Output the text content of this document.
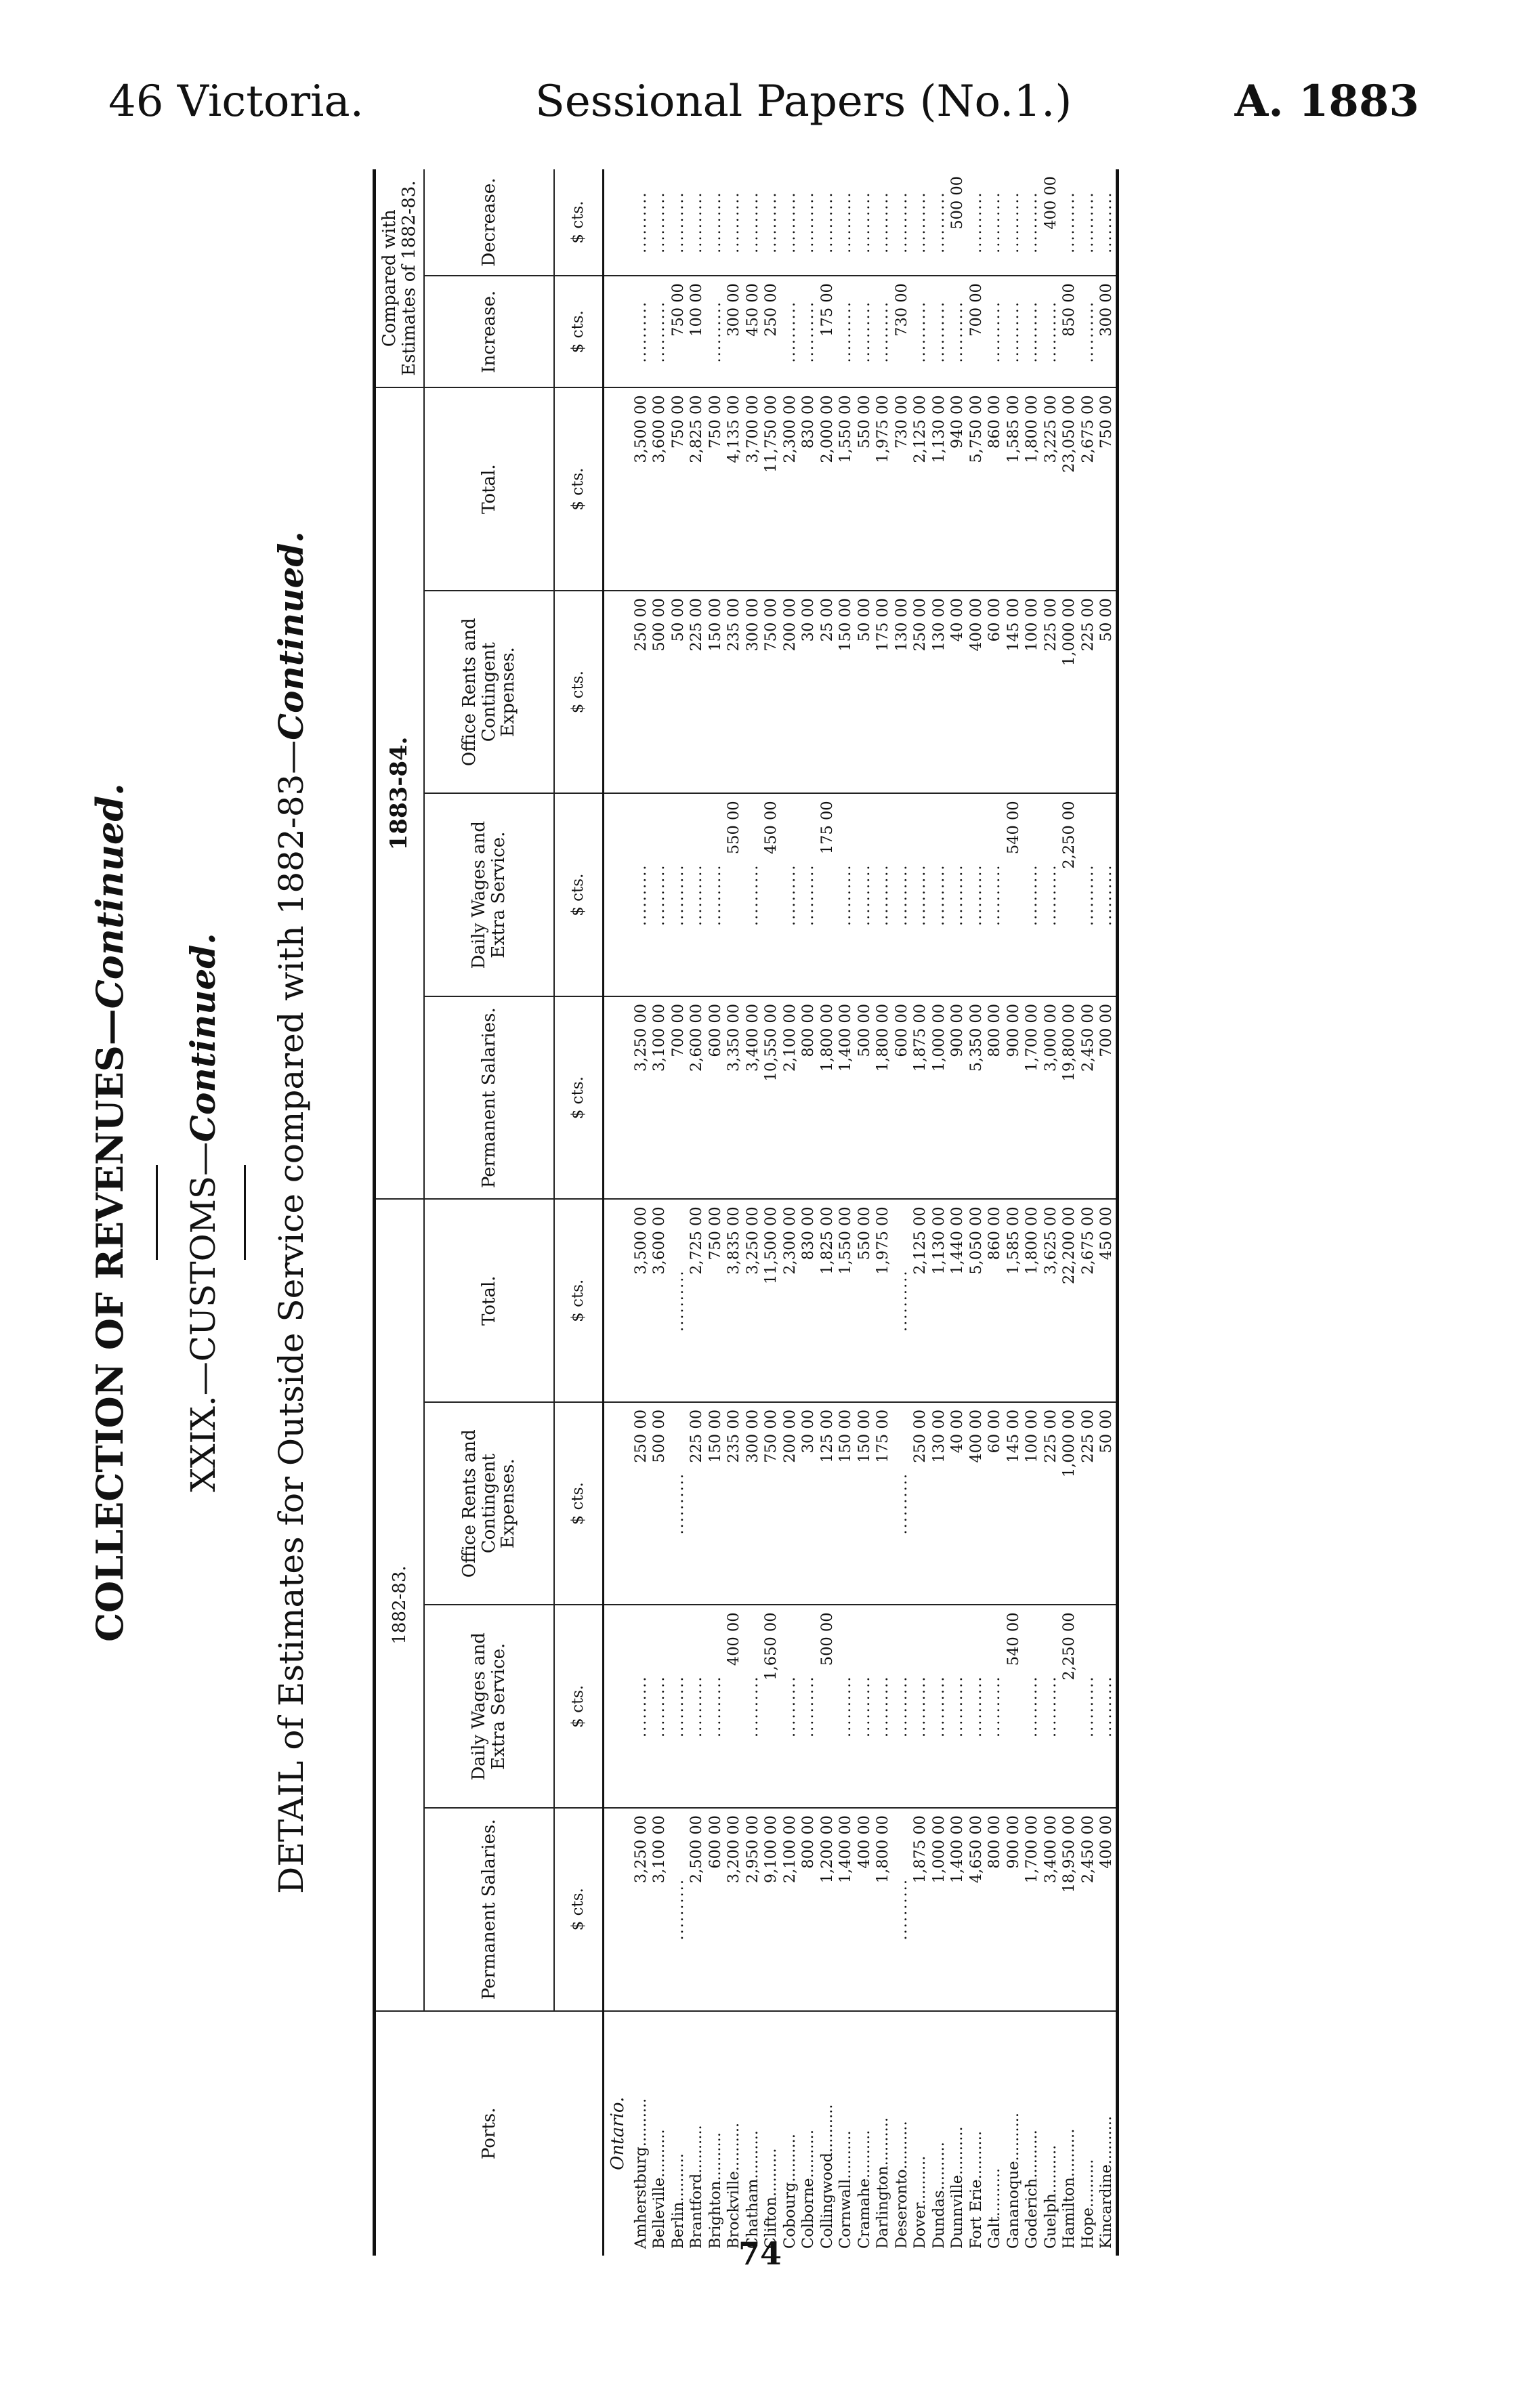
46 Victoria.	Sessional Papers (No.1.)	A. 1883
COLLECTION OF REVENUES—Continued.
XXIX.—CUSTOMS—Continued. DETAIL of Estimates for Outside Service compared with 1882-83—Continued.
Ports.	1882-83.				1883-84.				Compared with Estimates of 1882-83.	
	Permanent Salaries.	Daily Wages and Extra Service.	Office Rents and Contingent Expenses.	Total.	Permanent Salaries.	Daily Wages and Extra Service.	Office Rents and Contingent Expenses.	Total.	Increase.	Decrease.
	$ cts.	$ cts.	$ cts.	$ cts.	$ cts.	$ cts.	$ cts.	$ cts.	$ cts.	$ cts.
Ontario.										
Amherstburg..........	3,250 00	..........	250 00	3,500 00	3,250 00	..........	250 00	3,500 00	..........	..........
Belleville..........	3,100 00	..........	500 00	3,600 00	3,100 00	..........	500 00	3,600 00	..........	..........
Berlin..........	..........	..........	..........	..........	700 00	..........	50 00	750 00	750 00	..........
Brantford..........	2,500 00	..........	225 00	2,725 00	2,600 00	..........	225 00	2,825 00	100 00	..........
Brighton..........	600 00	..........	150 00	750 00	600 00	..........	150 00	750 00	..........	..........
Brockville..........	3,200 00	400 00	235 00	3,835 00	3,350 00	550 00	235 00	4,135 00	300 00	..........
Chatham..........	2,950 00	..........	300 00	3,250 00	3,400 00	..........	300 00	3,700 00	450 00	..........
Clifton..........	9,100 00	1,650 00	750 00	11,500 00	10,550 00	450 00	750 00	11,750 00	250 00	..........
Cobourg..........	2,100 00	..........	200 00	2,300 00	2,100 00	..........	200 00	2,300 00	..........	..........
Colborne..........	800 00	..........	30 00	830 00	800 00	..........	30 00	830 00	..........	..........
Collingwood..........	1,200 00	500 00	125 00	1,825 00	1,800 00	175 00	25 00	2,000 00	175 00	..........
Cornwall..........	1,400 00	..........	150 00	1,550 00	1,400 00	..........	150 00	1,550 00	..........	..........
Cramahe..........	400 00	..........	150 00	550 00	500 00	..........	50 00	550 00	..........	..........
Darlington..........	1,800 00	..........	175 00	1,975 00	1,800 00	..........	175 00	1,975 00	..........	..........
Deseronto..........	..........	..........	..........	..........	600 00	..........	130 00	730 00	730 00	..........
Dover..........	1,875 00	..........	250 00	2,125 00	1,875 00	..........	250 00	2,125 00	..........	..........
Dundas..........	1,000 00	..........	130 00	1,130 00	1,000 00	..........	130 00	1,130 00	..........	..........
Dunnville..........	1,400 00	..........	40 00	1,440 00	900 00	..........	40 00	940 00	..........	500 00
Fort Erie..........	4,650 00	..........	400 00	5,050 00	5,350 00	..........	400 00	5,750 00	700 00	..........
Galt..........	800 00	..........	60 00	860 00	800 00	..........	60 00	860 00	..........	..........
Gananoque..........	900 00	540 00	145 00	1,585 00	900 00	540 00	145 00	1,585 00	..........	..........
Goderich..........	1,700 00	..........	100 00	1,800 00	1,700 00	..........	100 00	1,800 00	..........	..........
Guelph..........	3,400 00	..........	225 00	3,625 00	3,000 00	..........	225 00	3,225 00	..........	400 00
Hamilton..........	18,950 00	2,250 00	1,000 00	22,200 00	19,800 00	2,250 00	1,000 00	23,050 00	850 00	..........
Hope..........	2,450 00	..........	225 00	2,675 00	2,450 00	..........	225 00	2,675 00	..........	..........
Kincardine..........	400 00	..........	50 00	450 00	700 00	..........	50 00	750 00	300 00	..........
74
